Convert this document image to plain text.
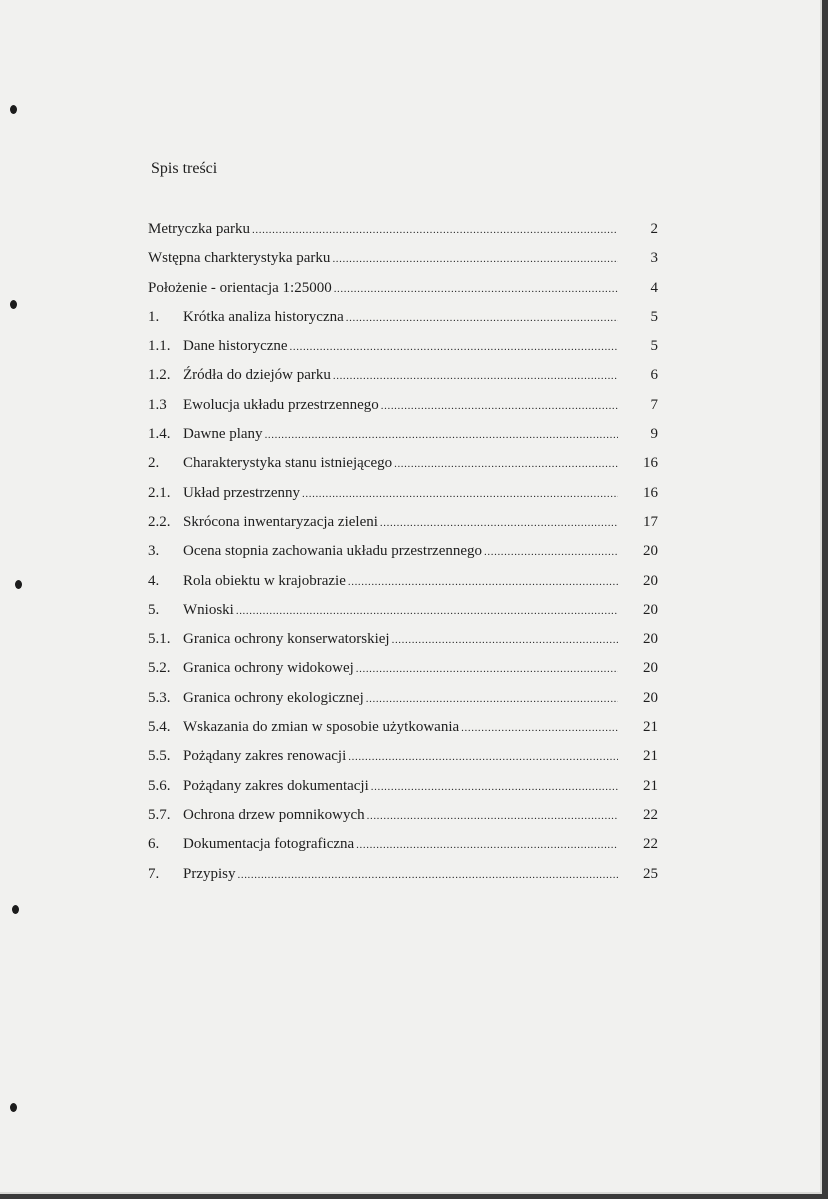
Spis treści
Metryczka parku .....	2
Wstępna charkterystyka parku .....	3
Położenie - orientacja 1:25000 .....	4
1.	Krótka analiza historyczna .....	5
1.1. Dane historyczne .....	5
1.2. Źródła do dziejów parku .....	6
1.3	Ewolucja układu przestrzennego .....	7
1.4. Dawne plany .....	9
2.	Charakterystyka stanu istniejącego .....	16
2.1. Układ przestrzenny .....	16
2.2. Skrócona inwentaryzacja zieleni .....	17
3.	Ocena stopnia zachowania układu przestrzennego .....	20
4.	Rola obiektu w krajobrazie .....	20
5.	Wnioski .....	20
5.1. Granica ochrony konserwatorskiej .....	20
5.2. Granica ochrony widokowej .....	20
5.3. Granica ochrony ekologicznej .....	20
5.4. Wskazania do zmian w sposobie użytkowania .....	21
5.5. Pożądany zakres renowacji .....	21
5.6. Pożądany zakres dokumentacji .....	21
5.7. Ochrona drzew pomnikowych .....	22
6.	Dokumentacja fotograficzna .....	22
7.	Przypisy .....	25
